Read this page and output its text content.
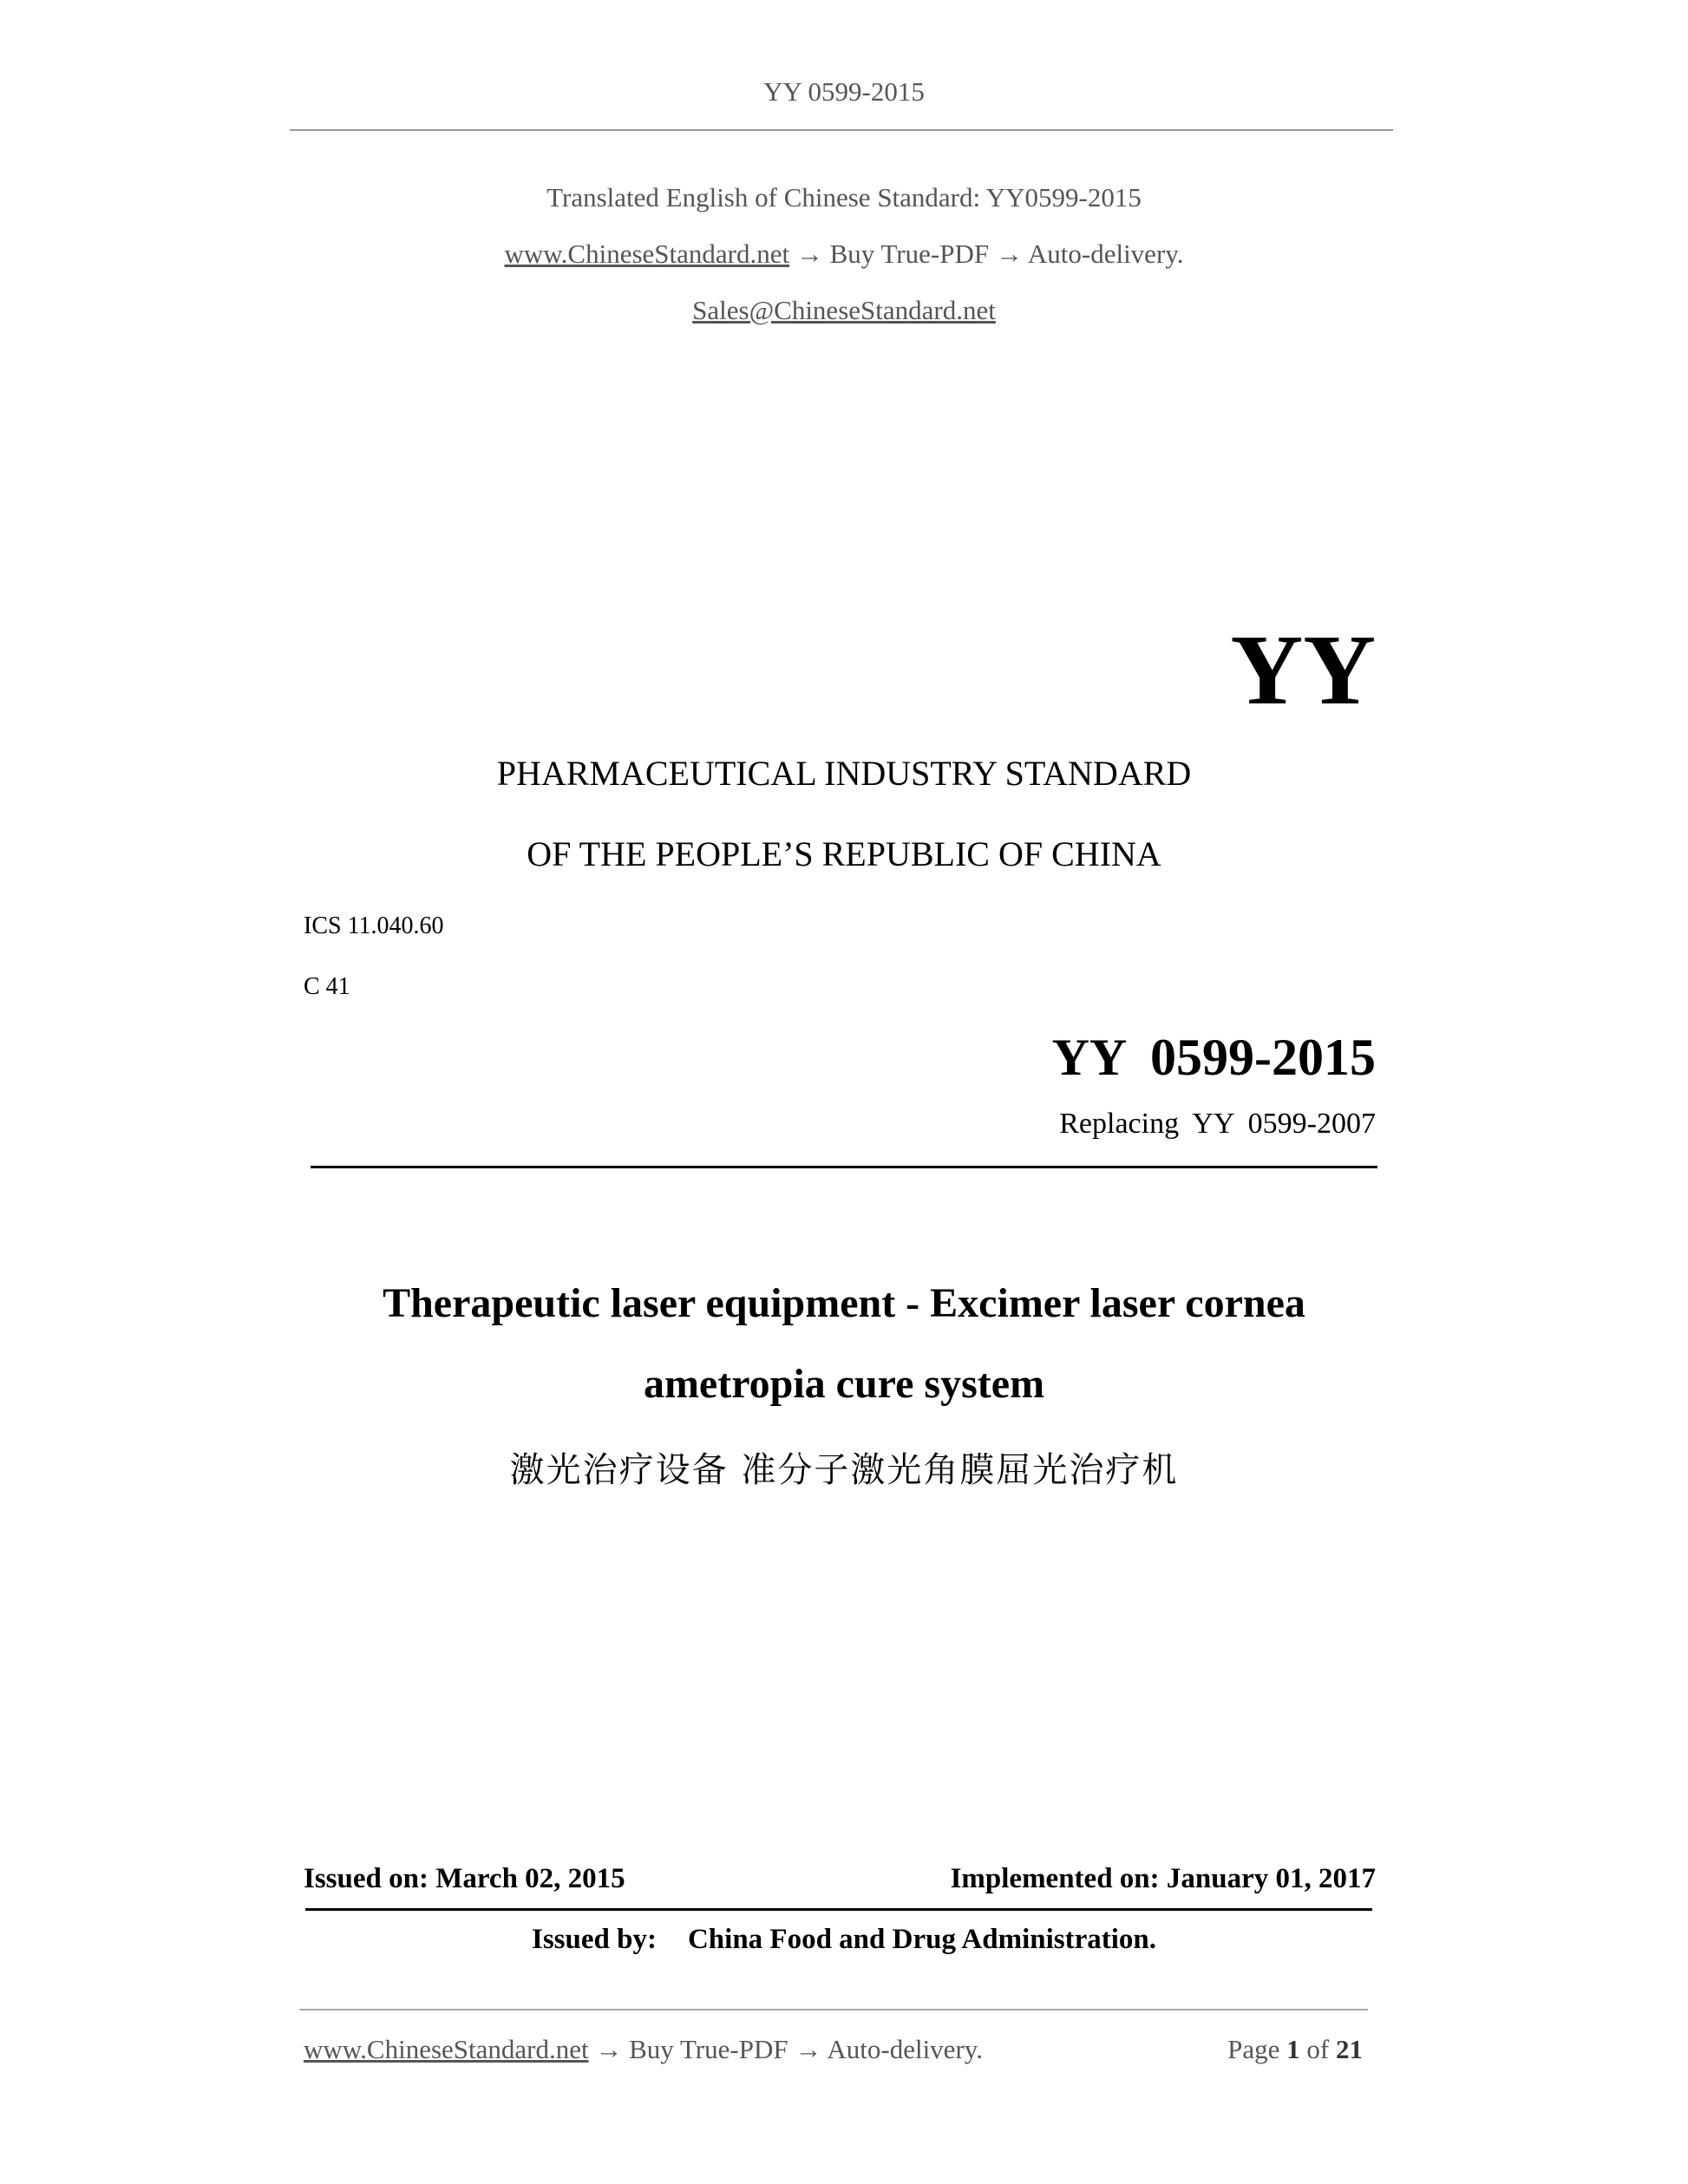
YY 0599-2015
Translated English of Chinese Standard: YY0599-2015
www.ChineseStandard.net → Buy True-PDF → Auto-delivery.
Sales@ChineseStandard.net
YY
PHARMACEUTICAL INDUSTRY STANDARD
OF THE PEOPLE’S REPUBLIC OF CHINA
ICS 11.040.60
C 41
YY 0599-2015
Replacing YY 0599-2007
Therapeutic laser equipment - Excimer laser cornea
ametropia cure system
激光治疗设备 准分子激光角膜屈光治疗机
Issued on: March 02, 2015	Implemented on: January 01, 2017
Issued by: China Food and Drug Administration.
www.ChineseStandard.net → Buy True-PDF → Auto-delivery.	Page 1 of 21
